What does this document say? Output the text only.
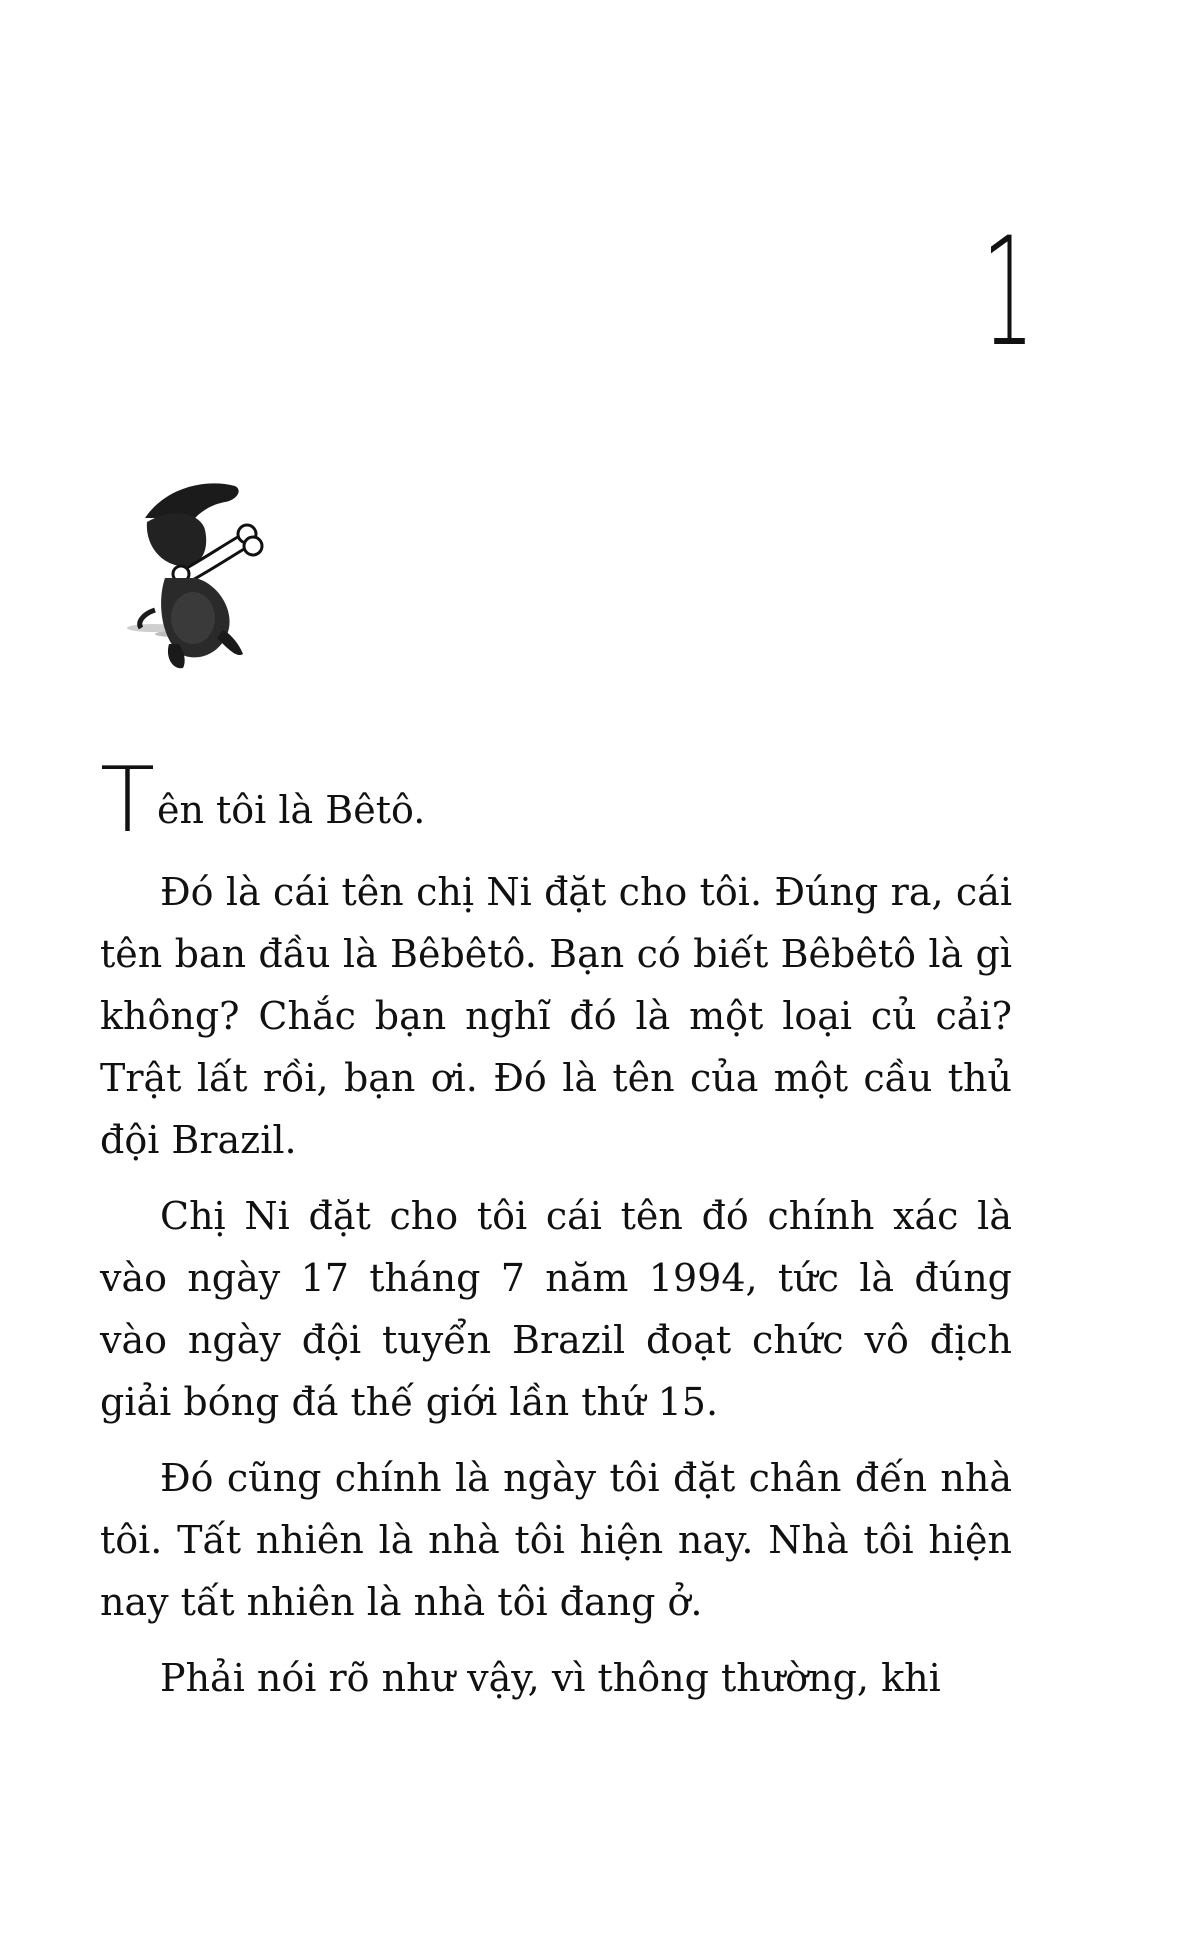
1

Tên tôi là Bêtô.

Đó là cái tên chị Ni đặt cho tôi. Đúng ra, cái tên ban đầu là Bêbêtô. Bạn có biết Bêbêtô là gì không? Chắc bạn nghĩ đó là một loại củ cải? Trật lất rồi, bạn ơi. Đó là tên của một cầu thủ đội Brazil.

Chị Ni đặt cho tôi cái tên đó chính xác là vào ngày 17 tháng 7 năm 1994, tức là đúng vào ngày đội tuyển Brazil đoạt chức vô địch giải bóng đá thế giới lần thứ 15.

Đó cũng chính là ngày tôi đặt chân đến nhà tôi. Tất nhiên là nhà tôi hiện nay. Nhà tôi hiện nay tất nhiên là nhà tôi đang ở.

Phải nói rõ như vậy, vì thông thường, khi
